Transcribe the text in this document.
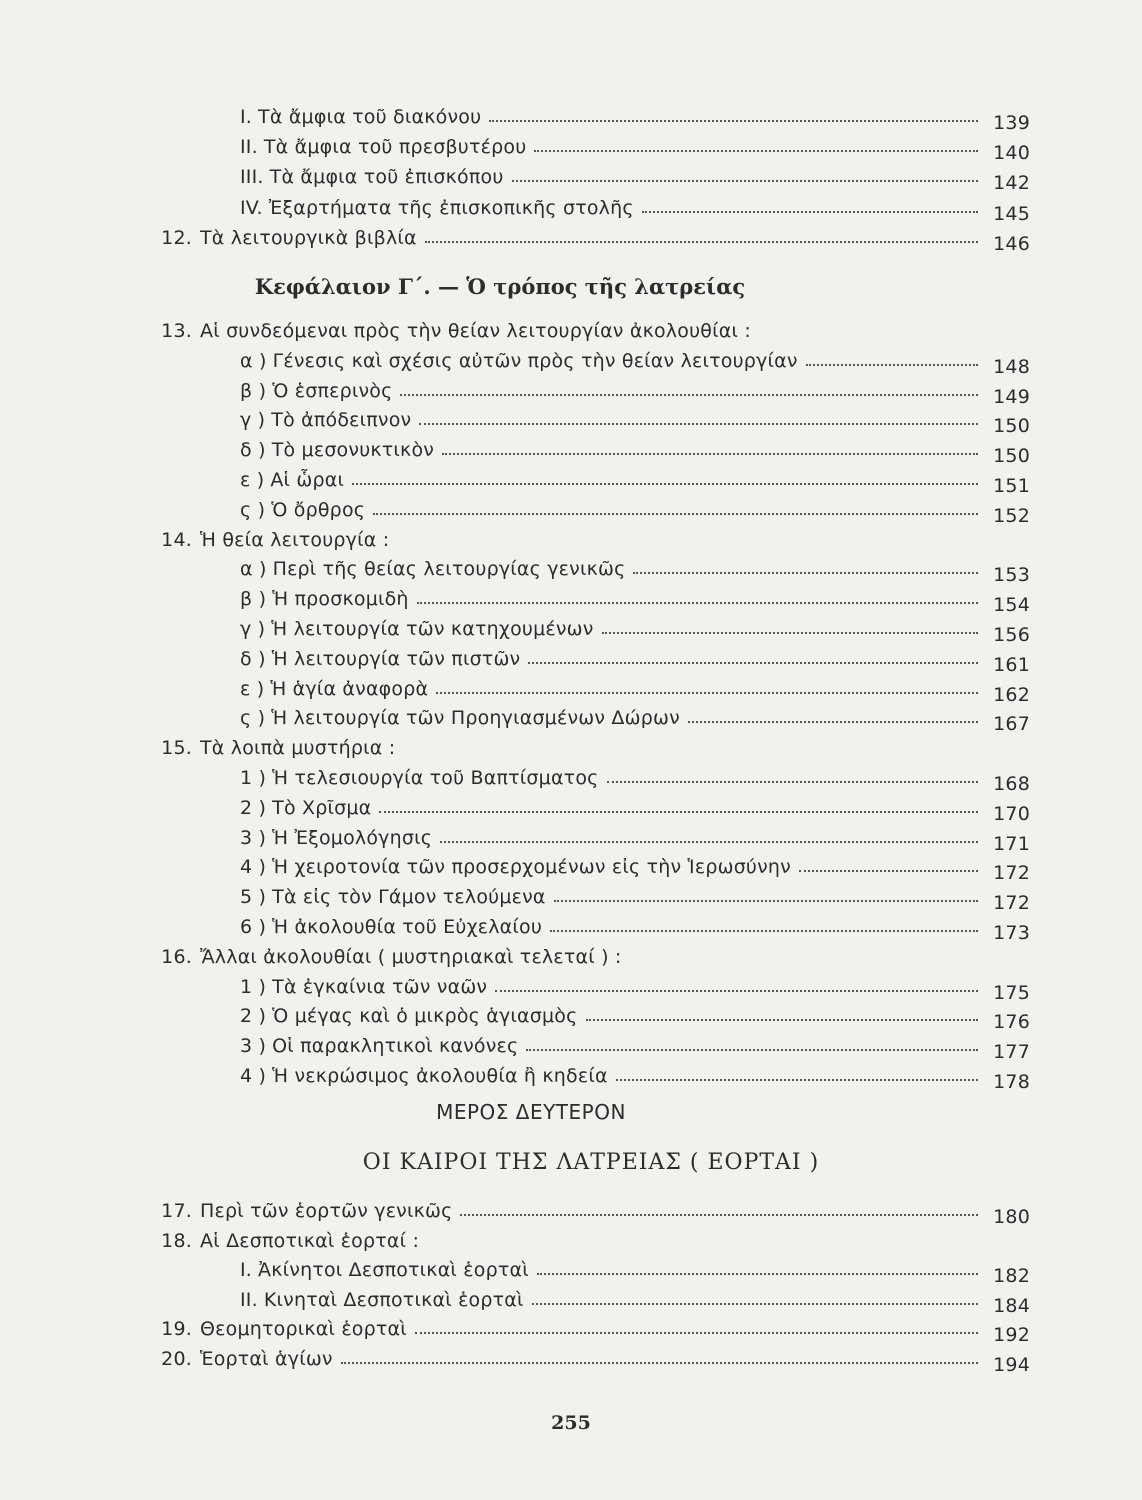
I. Τὰ ἄμφια τοῦ διακόνου	139
II. Τὰ ἄμφια τοῦ πρεσβυτέρου	140
III. Τὰ ἄμφια τοῦ ἐπισκόπου	142
IV. Ἐξαρτήματα τῆς ἐπισκοπικῆς στολῆς	145
12. Τὰ λειτουργικὰ βιβλία	146
Κεφάλαιον Γ΄. — Ὁ τρόπος τῆς λατρείας
13. Αἱ συνδεόμεναι πρὸς τὴν θείαν λειτουργίαν ἀκολουθίαι :
α ) Γένεσις καὶ σχέσις αὐτῶν πρὸς τὴν θείαν λειτουργίαν	148
β ) Ὁ ἑσπερινὸς	149
γ ) Τὸ ἀπόδειπνον	150
δ ) Τὸ μεσονυκτικὸν	150
ε ) Αἱ ὧραι	151
ς ) Ὁ ὄρθρος	152
14. Ἡ θεία λειτουργία :
α ) Περὶ τῆς θείας λειτουργίας γενικῶς	153
β ) Ἡ προσκομιδὴ	154
γ ) Ἡ λειτουργία τῶν κατηχουμένων	156
δ ) Ἡ λειτουργία τῶν πιστῶν	161
ε ) Ἡ ἁγία ἀναφορὰ	162
ς ) Ἡ λειτουργία τῶν Προηγιασμένων Δώρων	167
15. Τὰ λοιπὰ μυστήρια :
1 ) Ἡ τελεσιουργία τοῦ Βαπτίσματος	168
2 ) Τὸ Χρῖσμα	170
3 ) Ἡ Ἐξομολόγησις	171
4 ) Ἡ χειροτονία τῶν προσερχομένων εἰς τὴν Ἱερωσύνην	172
5 ) Τὰ εἰς τὸν Γάμον τελούμενα	172
6 ) Ἡ ἀκολουθία τοῦ Εὐχελαίου	173
16. Ἄλλαι ἀκολουθίαι ( μυστηριακαὶ τελεταί ) :
1 ) Τὰ ἐγκαίνια τῶν ναῶν	175
2 ) Ὁ μέγας καὶ ὁ μικρὸς ἁγιασμὸς	176
3 ) Οἱ παρακλητικοὶ κανόνες	177
4 ) Ἡ νεκρώσιμος ἀκολουθία ἢ κηδεία	178
ΜΕΡΟΣ ΔΕΥΤΕΡΟΝ
ΟΙ ΚΑΙΡΟΙ ΤΗΣ ΛΑΤΡΕΙΑΣ ( ΕΟΡΤΑΙ )
17. Περὶ τῶν ἑορτῶν γενικῶς	180
18. Αἱ Δεσποτικαὶ ἑορταί :
I. Ἀκίνητοι Δεσποτικαὶ ἑορταὶ	182
II. Κινηταὶ Δεσποτικαὶ ἑορταὶ	184
19. Θεομητορικαὶ ἑορταὶ	192
20. Ἑορταὶ ἁγίων	194
255
